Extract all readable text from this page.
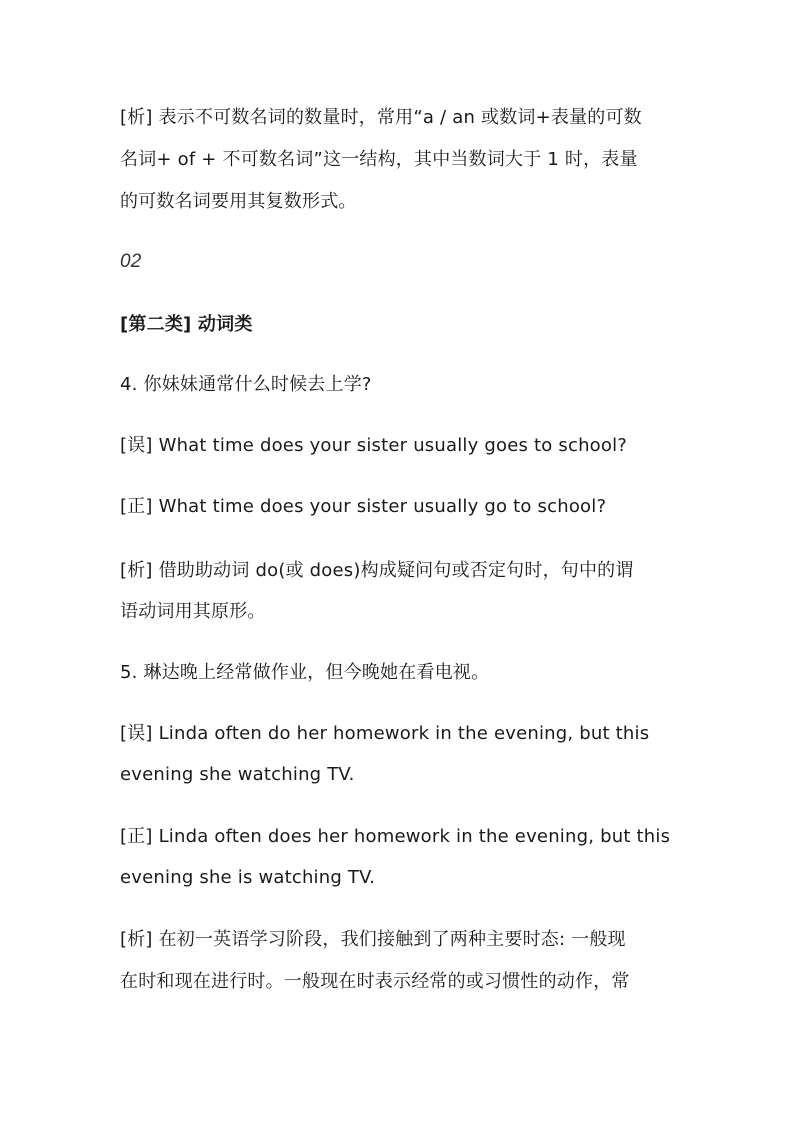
[析] 表示不可数名词的数量时，常用“a / an 或数词+表量的可数
名词+ of + 不可数名词”这一结构，其中当数词大于 1 时，表量
的可数名词要用其复数形式。
02
[第二类] 动词类
4. 你妹妹通常什么时候去上学?
[误] What time does your sister usually goes to school?
[正] What time does your sister usually go to school?
[析] 借助助动词 do(或 does)构成疑问句或否定句时，句中的谓
语动词用其原形。
5. 琳达晚上经常做作业，但今晚她在看电视。
[误] Linda often do her homework in the evening, but this
evening she watching TV.
[正] Linda often does her homework in the evening, but this
evening she is watching TV.
[析] 在初一英语学习阶段，我们接触到了两种主要时态: 一般现
在时和现在进行时。一般现在时表示经常的或习惯性的动作，常
